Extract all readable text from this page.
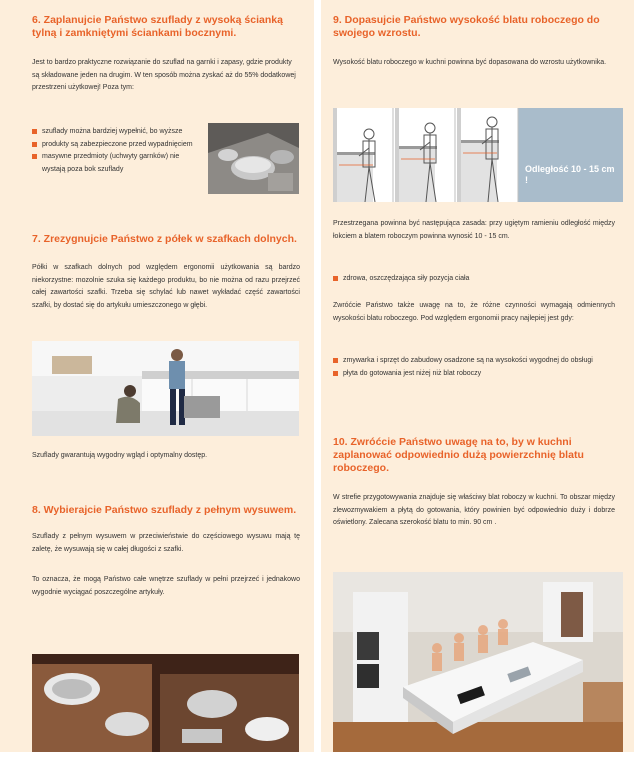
6. Zaplanujcie Państwo szuflady z wysoką ścianką tylną i zamkniętymi ściankami bocznymi.

Jest to bardzo praktyczne rozwiązanie do szuflad na garnki i zapasy, gdzie produkty są składowane jeden na drugim. W ten sposób można zyskać aż do 55% dodatkowej przestrzeni użytkowej! Poza tym:

szuflady można bardziej wypełnić, bo wyższe
produkty są zabezpieczone przed wypadnięciem
masywne przedmioty (uchwyty garnków) nie wystają poza bok szuflady
7. Zrezygnujcie Państwo z półek w szafkach dolnych.

Półki w szafkach dolnych pod względem ergonomii użytkowania są bardzo niekorzystne: mozolnie szuka się każdego produktu, bo nie można od razu przejrzeć całej zawartości szafki. Trzeba się schylać lub nawet wykładać część zawartości szafki, by dostać się do artykułu umieszczonego w głębi.

Szuflady gwarantują wygodny wgląd i optymalny dostęp.

8. Wybierajcie Państwo szuflady z pełnym wysuwem.

Szuflady z pełnym wysuwem w przeciwieństwie do częściowego wysuwu mają tę zaletę, że wysuwają się w całej długości z szafki.

To oznacza, że mogą Państwo całe wnętrze szuflady w pełni przejrzeć i jednakowo wygodnie wyciągać poszczególne artykuły.

9. Dopasujcie Państwo wysokość blatu roboczego do swojego wzrostu.

Wysokość blatu roboczego w kuchni powinna być dopasowana do wzrostu użytkownika.

Odległość 10 - 15 cm !

Przestrzegana powinna być następująca zasada: przy ugiętym ramieniu odległość między łokciem a blatem roboczym powinna wynosić 10 - 15 cm.

zdrowa, oszczędzająca siły pozycja ciała

Zwróćcie Państwo także uwagę na to, że różne czynności wymagają odmiennych wysokości blatu roboczego. Pod względem ergonomii pracy najlepiej jest gdy:

zmywarka i sprzęt do zabudowy osadzone są na wysokości wygodnej do obsługi
płyta do gotowania jest niżej niż blat roboczy
10. Zwróćcie Państwo uwagę na to, by w kuchni zaplanować odpowiednio dużą powierzchnię blatu roboczego.

W strefie przygotowywania znajduje się właściwy blat roboczy w kuchni. To obszar między zlewozmywakiem a płytą do gotowania, który powinien być odpowiednio duży i dobrze oświetlony. Zalecana szerokość blatu to min. 90 cm .
